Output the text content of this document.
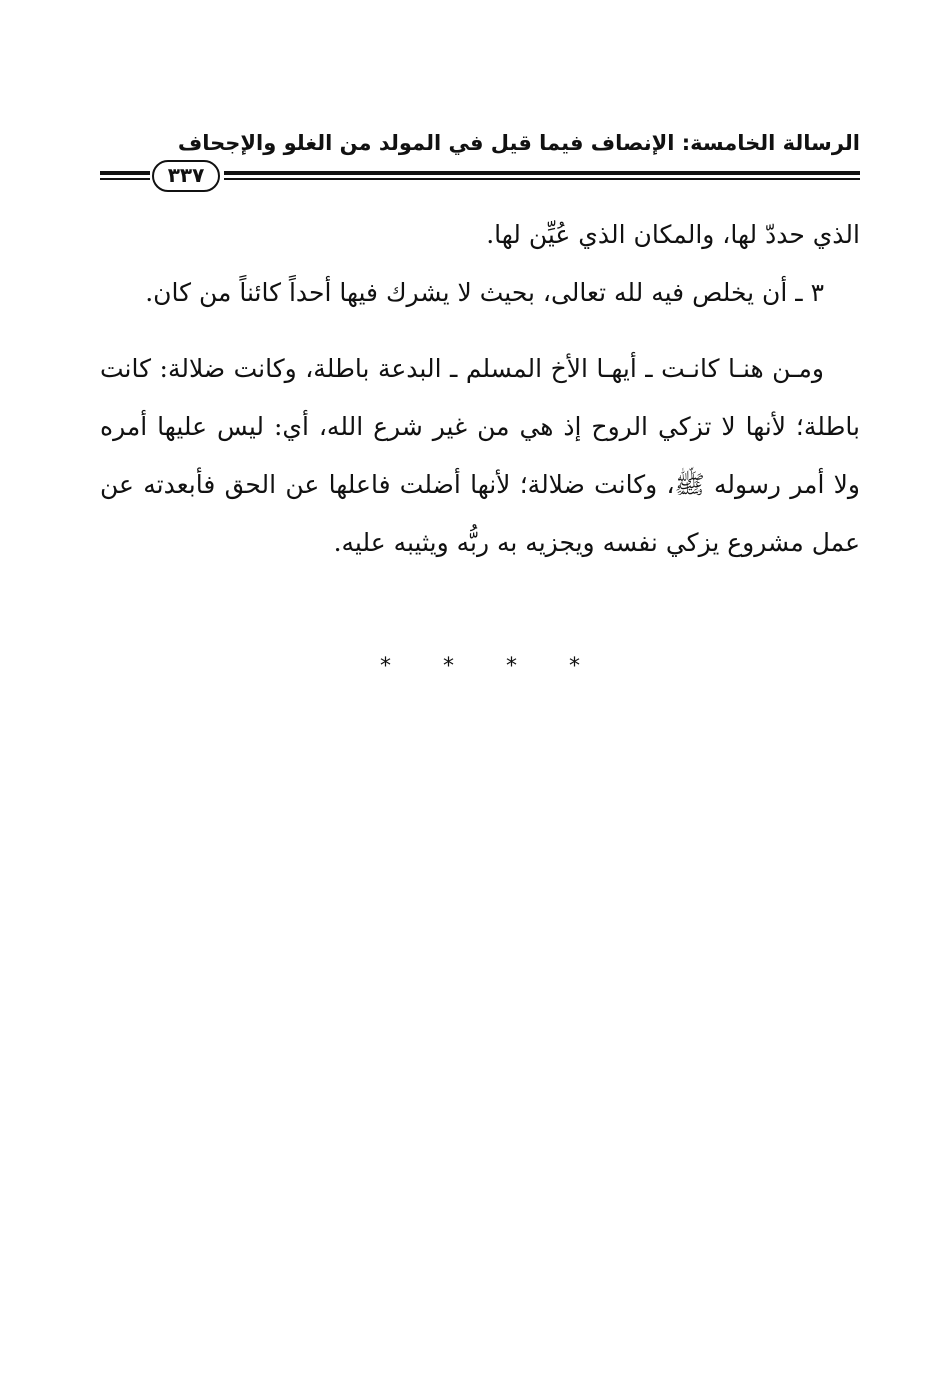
الرسالة الخامسة: الإنصاف فيما قيل في المولد من الغلو والإجحاف
٣٣٧

الذي حددّ لها، والمكان الذي عُيِّن لها.

٣ ـ أن يخلص فيه لله تعالى، بحيث لا يشرك فيها أحداً كائناً من كان.

ومـن هنـا كانـت ـ أيهـا الأخ المسلم ـ البدعة باطلة، وكانت ضلالة: كانت باطلة؛ لأنها لا تزكي الروح إذ هي من غير شرع الله، أي: ليس عليها أمره ولا أمر رسوله ﷺ، وكانت ضلالة؛ لأنها أضلت فاعلها عن الحق فأبعدته عن عمل مشروع يزكي نفسه ويجزيه به ربُّه ويثيبه عليه.

* * * *
